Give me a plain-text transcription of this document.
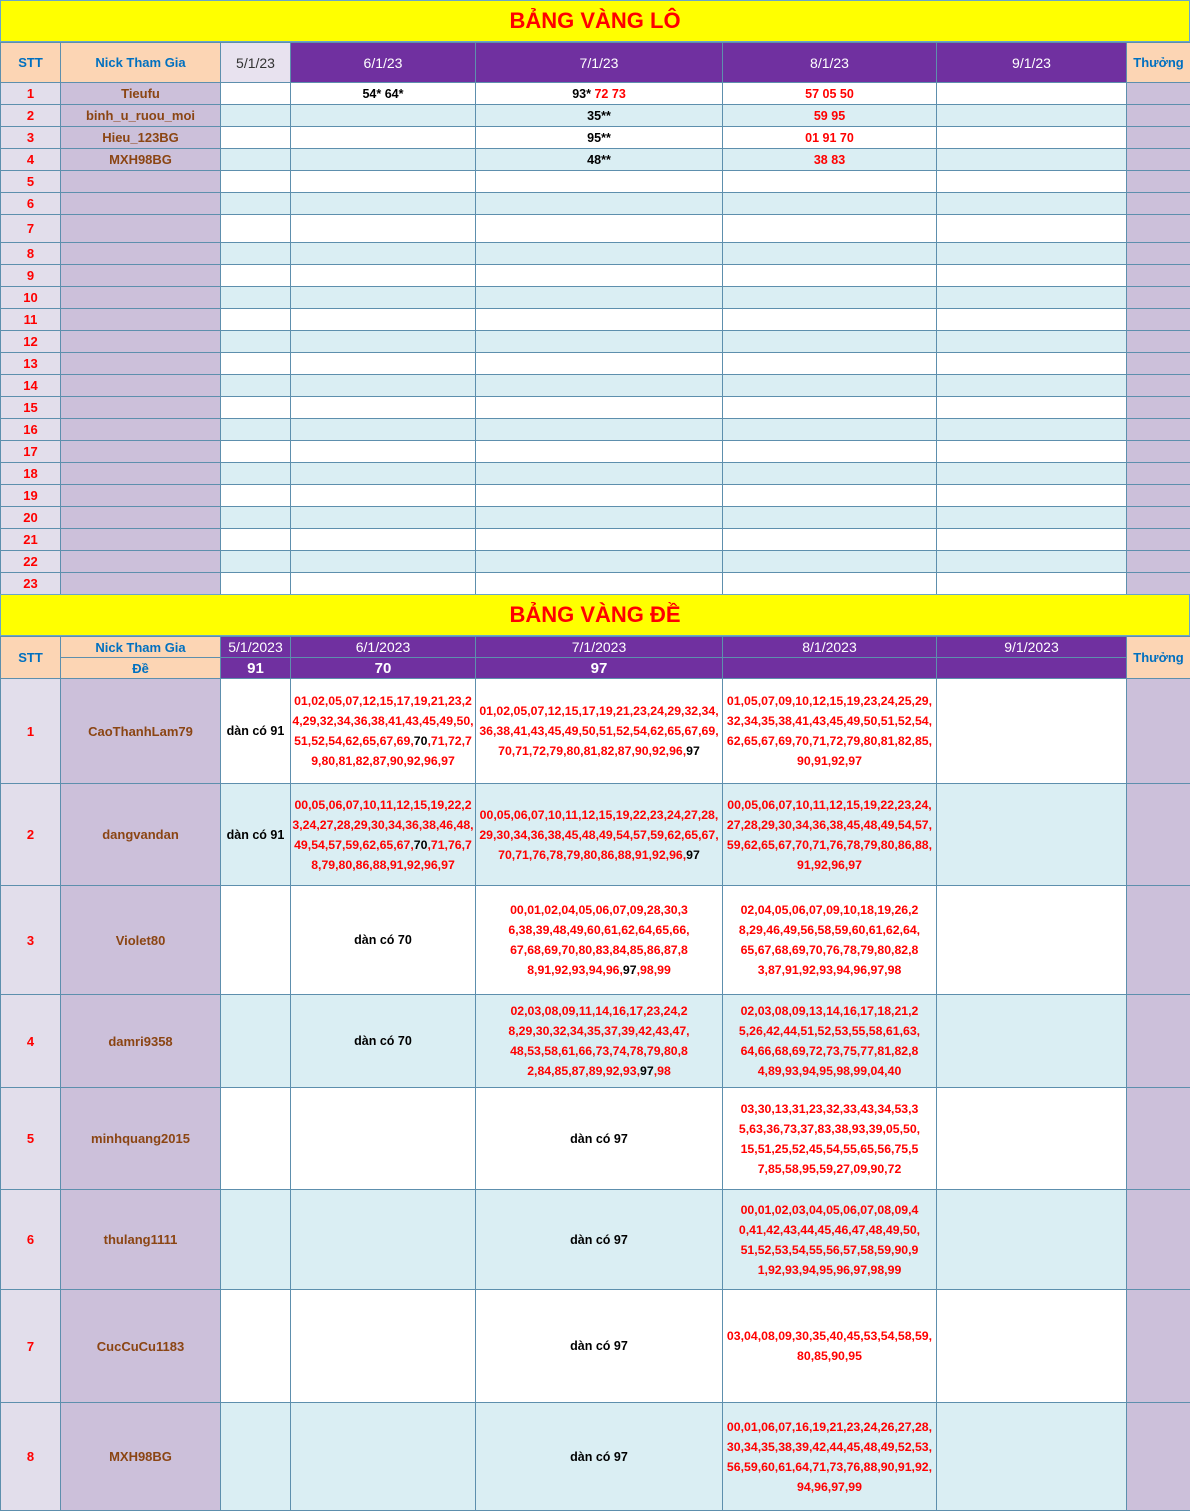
BẢNG VÀNG LÔ
STT	Nick Tham Gia	5/1/23	6/1/23	7/1/23	8/1/23	9/1/23	Thưởng
1	Tieufu		54* 64*	93* 72 73	57 05 50		
2	binh_u_ruou_moi			35**	59 95		
3	Hieu_123BG			95**	01 91 70		
4	MXH98BG			48**	38 83		
5							
6							
7							
8							
9							
10							
11							
12							
13							
14							
15							
16							
17							
18							
19							
20							
21							
22							
23							
BẢNG VÀNG ĐỀ
STT	Nick Tham Gia	5/1/2023	6/1/2023	7/1/2023	8/1/2023	9/1/2023	Thưởng
	Đề	91	70	97			
1	CaoThanhLam79	dàn có 91	01,02,05,07,12,15,17,19,21,23,24,29,32,34,36,38,41,43,45,49,50,51,52,54,62,65,67,69,70,71,72,79,80,81,82,87,90,92,96,97	01,02,05,07,12,15,17,19,21,23,24,29,32,34,36,38,41,43,45,49,50,51,52,54,62,65,67,69,70,71,72,79,80,81,82,87,90,92,96,97	01,05,07,09,10,12,15,19,23,24,25,29,32,34,35,38,41,43,45,49,50,51,52,54,62,65,67,69,70,71,72,79,80,81,82,85,90,91,92,97		
2	dangvandan	dàn có 91	00,05,06,07,10,11,12,15,19,22,23,24,27,28,29,30,34,36,38,46,48,49,54,57,59,62,65,67,70,71,76,78,79,80,86,88,91,92,96,97	00,05,06,07,10,11,12,15,19,22,23,24,27,28,29,30,34,36,38,45,48,49,54,57,59,62,65,67,70,71,76,78,79,80,86,88,91,92,96,97	00,05,06,07,10,11,12,15,19,22,23,24,27,28,29,30,34,36,38,45,48,49,54,57,59,62,65,67,70,71,76,78,79,80,86,88,91,92,96,97		
3	Violet80		dàn có 70	00,01,02,04,05,06,07,09,28,30,36,38,39,48,49,60,61,62,64,65,66,67,68,69,70,80,83,84,85,86,87,88,91,92,93,94,96,97,98,99	02,04,05,06,07,09,10,18,19,26,28,29,46,49,56,58,59,60,61,62,64,65,67,68,69,70,76,78,79,80,82,83,87,91,92,93,94,96,97,98		
4	damri9358		dàn có 70	02,03,08,09,11,14,16,17,23,24,28,29,30,32,34,35,37,39,42,43,47,48,53,58,61,66,73,74,78,79,80,82,84,85,87,89,92,93,97,98	02,03,08,09,13,14,16,17,18,21,25,26,42,44,51,52,53,55,58,61,63,64,66,68,69,72,73,75,77,81,82,84,89,93,94,95,98,99,04,40		
5	minhquang2015			dàn có 97	03,30,13,31,23,32,33,43,34,53,35,63,36,73,37,83,38,93,39,05,50,15,51,25,52,45,54,55,65,56,75,57,85,58,95,59,27,09,90,72		
6	thulang1111			dàn có 97	00,01,02,03,04,05,06,07,08,09,40,41,42,43,44,45,46,47,48,49,50,51,52,53,54,55,56,57,58,59,90,91,92,93,94,95,96,97,98,99		
7	CucCuCu1183			dàn có 97	03,04,08,09,30,35,40,45,53,54,58,59,80,85,90,95		
8	MXH98BG			dàn có 97	00,01,06,07,16,19,21,23,24,26,27,28,30,34,35,38,39,42,44,45,48,49,52,53,56,59,60,61,64,71,73,76,88,90,91,92,94,96,97,99		
